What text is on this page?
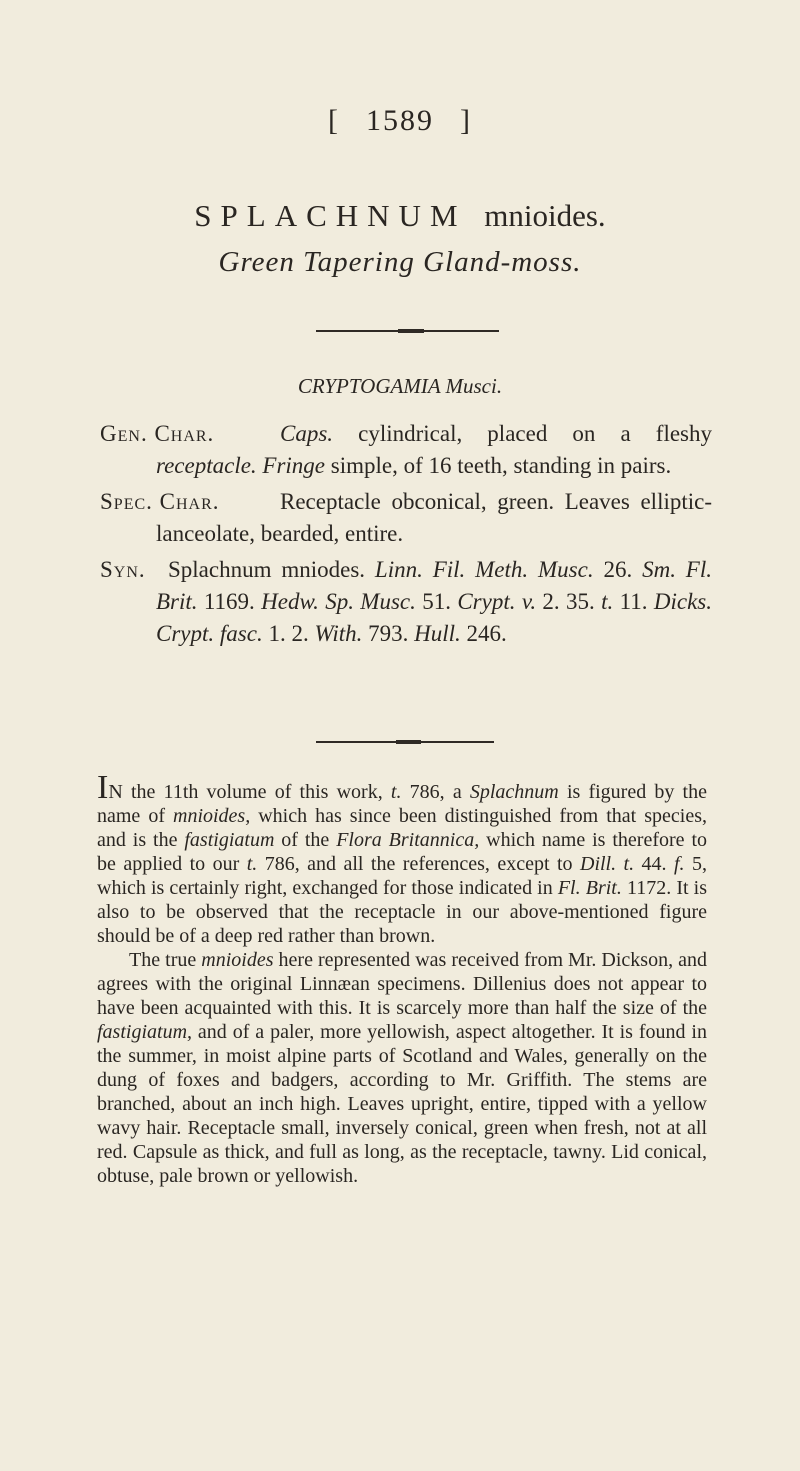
[ 1589 ]
SPLACHNUM mnioides.
Green Tapering Gland-moss.
CRYPTOGAMIA Musci.

Gen. Char.	Caps. cylindrical, placed on a fleshy receptacle. Fringe simple, of 16 teeth, standing in pairs.

Spec. Char.	Receptacle obconical, green. Leaves elliptic-lanceolate, bearded, entire.

Syn. Splachnum mniodes. Linn. Fil. Meth. Musc. 26. Sm. Fl. Brit. 1169. Hedw. Sp. Musc. 51. Crypt. v. 2. 35. t. 11. Dicks. Crypt. fasc. 1. 2. With. 793. Hull. 246.

IN the 11th volume of this work, t. 786, a Splachnum is figured by the name of mnioides, which has since been distinguished from that species, and is the fastigiatum of the Flora Britannica, which name is therefore to be applied to our t. 786, and all the references, except to Dill. t. 44. f. 5, which is certainly right, exchanged for those indicated in Fl. Brit. 1172. It is also to be observed that the receptacle in our above-mentioned figure should be of a deep red rather than brown.

The true mnioides here represented was received from Mr. Dickson, and agrees with the original Linnæan specimens. Dillenius does not appear to have been acquainted with this. It is scarcely more than half the size of the fastigiatum, and of a paler, more yellowish, aspect altogether. It is found in the summer, in moist alpine parts of Scotland and Wales, generally on the dung of foxes and badgers, according to Mr. Griffith. The stems are branched, about an inch high. Leaves upright, entire, tipped with a yellow wavy hair. Receptacle small, inversely conical, green when fresh, not at all red. Capsule as thick, and full as long, as the receptacle, tawny. Lid conical, obtuse, pale brown or yellowish.
